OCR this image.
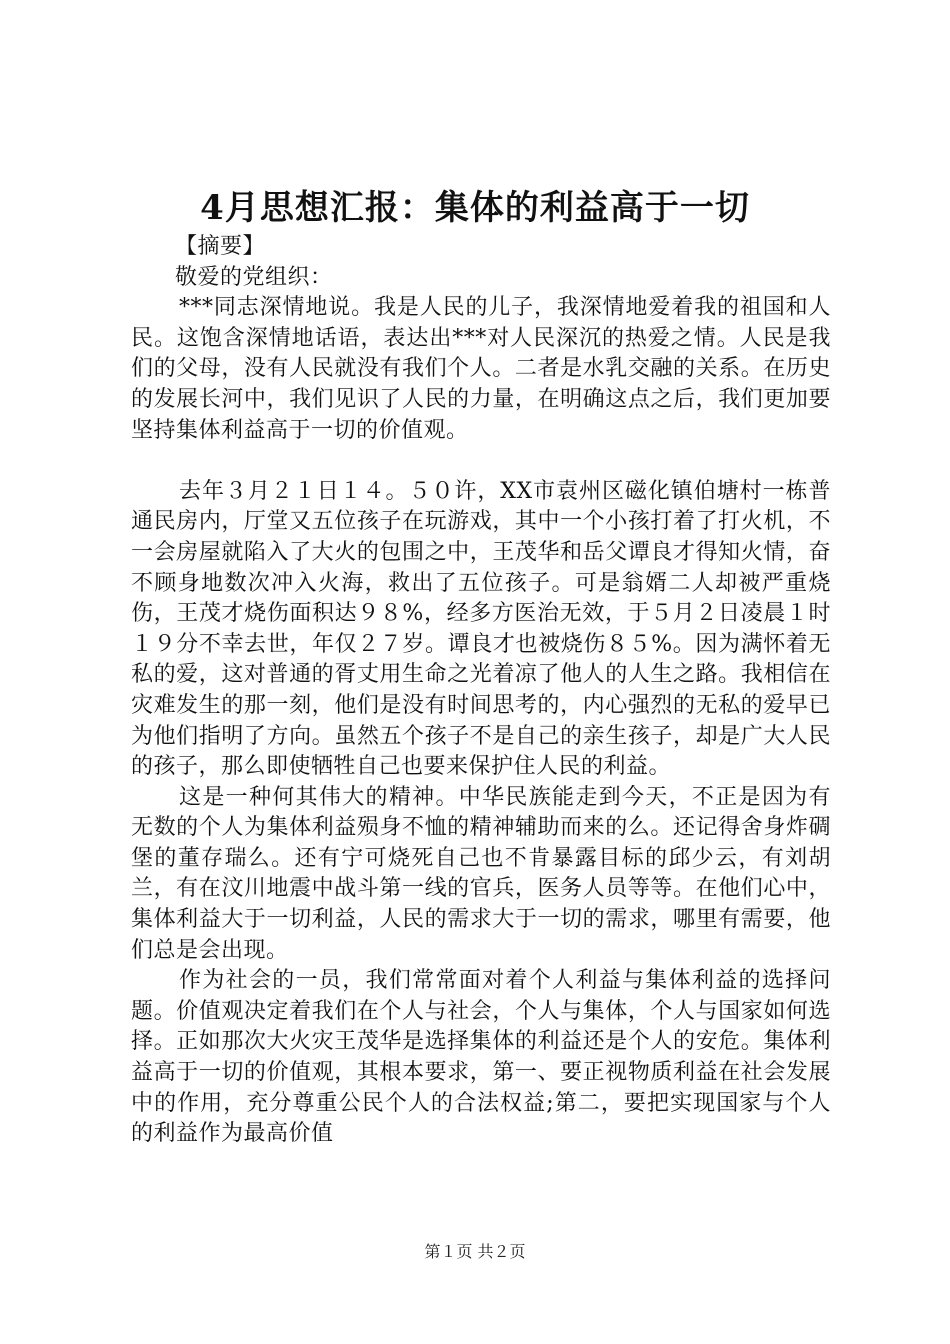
4月思想汇报：集体的利益高于一切

【摘要】

敬爱的党组织：

***同志深情地说。我是人民的儿子，我深情地爱着我的祖国和人民。这饱含深情地话语，表达出***对人民深沉的热爱之情。人民是我们的父母，没有人民就没有我们个人。二者是水乳交融的关系。在历史的发展长河中，我们见识了人民的力量，在明确这点之后，我们更加要坚持集体利益高于一切的价值观。

去年３月２１日１４。５０许，XX市袁州区磁化镇伯塘村一栋普通民房内，厅堂又五位孩子在玩游戏，其中一个小孩打着了打火机，不一会房屋就陷入了大火的包围之中，王茂华和岳父谭良才得知火情，奋不顾身地数次冲入火海，救出了五位孩子。可是翁婿二人却被严重烧伤，王茂才烧伤面积达９８%，经多方医治无效，于５月２日凌晨１时１９分不幸去世，年仅２７岁。谭良才也被烧伤８５%。因为满怀着无私的爱，这对普通的胥丈用生命之光着凉了他人的人生之路。我相信在灾难发生的那一刻，他们是没有时间思考的，内心强烈的无私的爱早已为他们指明了方向。虽然五个孩子不是自己的亲生孩子，却是广大人民的孩子，那么即使牺牲自己也要来保护住人民的利益。

这是一种何其伟大的精神。中华民族能走到今天，不正是因为有无数的个人为集体利益殒身不恤的精神辅助而来的么。还记得舍身炸碉堡的董存瑞么。还有宁可烧死自己也不肯暴露目标的邱少云，有刘胡兰，有在汶川地震中战斗第一线的官兵，医务人员等等。在他们心中，集体利益大于一切利益，人民的需求大于一切的需求，哪里有需要，他们总是会出现。

作为社会的一员，我们常常面对着个人利益与集体利益的选择问题。价值观决定着我们在个人与社会，个人与集体，个人与国家如何选择。正如那次大火灾王茂华是选择集体的利益还是个人的安危。集体利益高于一切的价值观，其根本要求，第一、要正视物质利益在社会发展中的作用，充分尊重公民个人的合法权益;第二，要把实现国家与个人的利益作为最高价值

第１页 共２页
